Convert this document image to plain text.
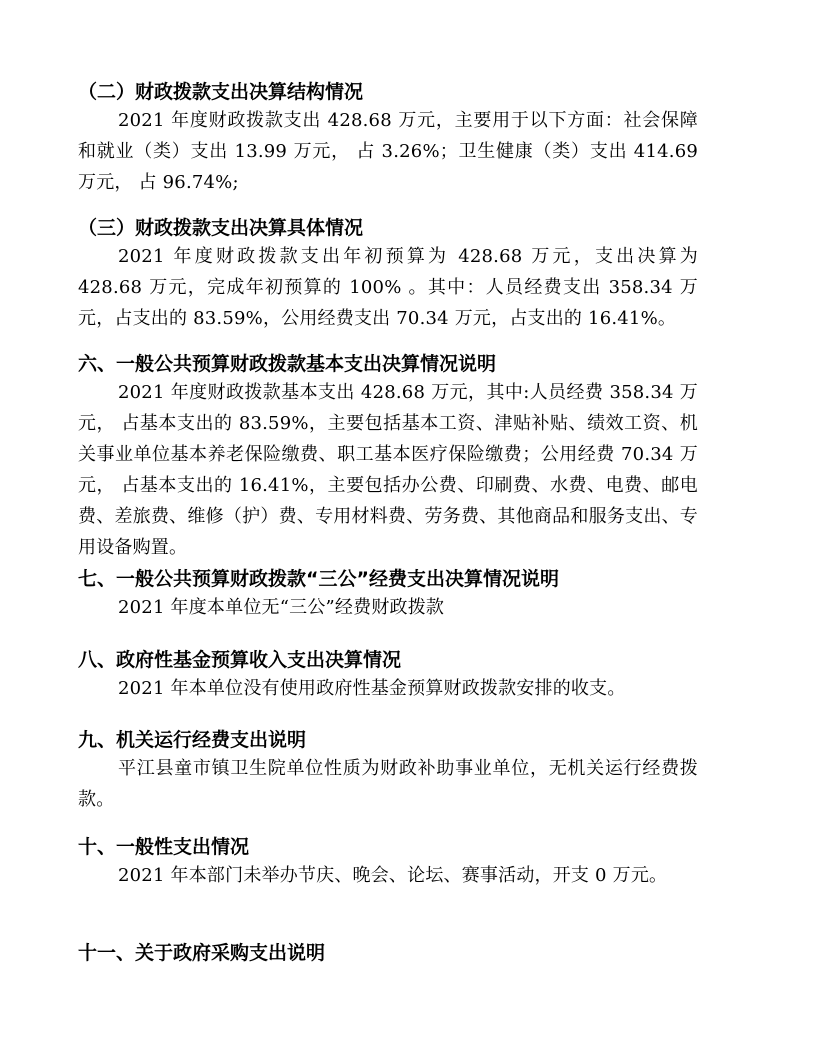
（二）财政拨款支出决算结构情况

2021 年度财政拨款支出 428.68 万元，主要用于以下方面：社会保障和就业（类）支出 13.99 万元， 占 3.26%；卫生健康（类）支出 414.69 万元， 占 96.74%;

（三）财政拨款支出决算具体情况

2021 年度财政拨款支出年初预算为 428.68 万元，支出决算为 428.68 万元，完成年初预算的 100% 。其中：人员经费支出 358.34 万元，占支出的 83.59%，公用经费支出 70.34 万元，占支出的 16.41%。

六、一般公共预算财政拨款基本支出决算情况说明

2021 年度财政拨款基本支出 428.68 万元，其中:人员经费 358.34 万元， 占基本支出的 83.59%，主要包括基本工资、津贴补贴、绩效工资、机关事业单位基本养老保险缴费、职工基本医疗保险缴费；公用经费 70.34 万元， 占基本支出的 16.41%，主要包括办公费、印刷费、水费、电费、邮电费、差旅费、维修（护）费、专用材料费、劳务费、其他商品和服务支出、专用设备购置。

七、一般公共预算财政拨款“三公”经费支出决算情况说明

2021 年度本单位无“三公”经费财政拨款

八、政府性基金预算收入支出决算情况

2021 年本单位没有使用政府性基金预算财政拨款安排的收支。

九、机关运行经费支出说明

平江县童市镇卫生院单位性质为财政补助事业单位，无机关运行经费拨款。

十、一般性支出情况

2021 年本部门未举办节庆、晚会、论坛、赛事活动，开支 0 万元。

十一、关于政府采购支出说明
